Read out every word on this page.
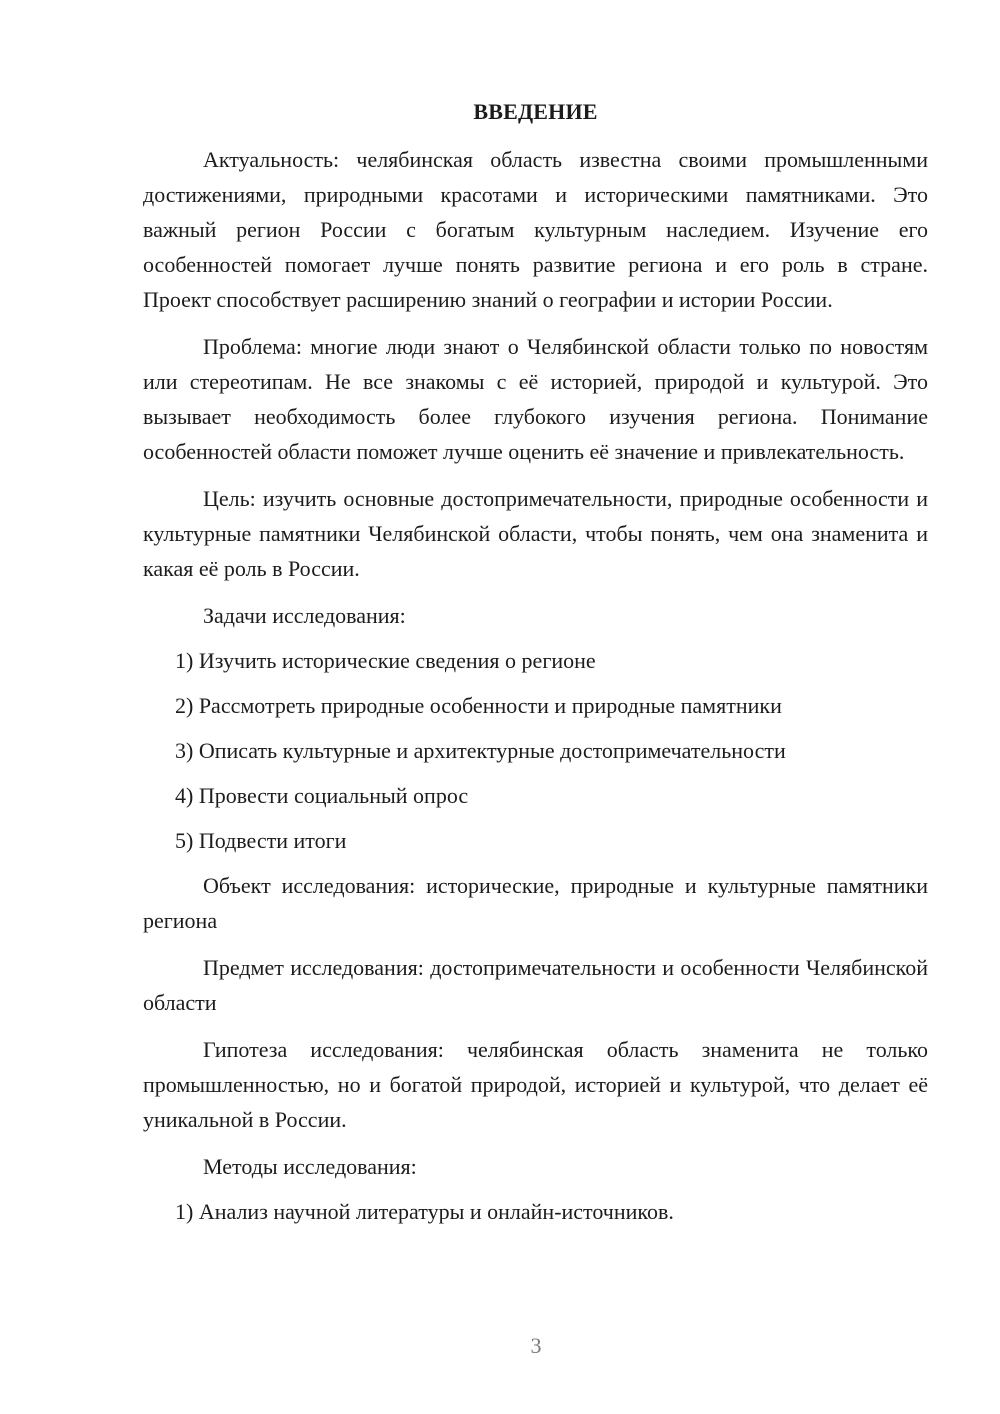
ВВЕДЕНИЕ

Актуальность: челябинская область известна своими промышленными достижениями, природными красотами и историческими памятниками. Это важный регион России с богатым культурным наследием. Изучение его особенностей помогает лучше понять развитие региона и его роль в стране. Проект способствует расширению знаний о географии и истории России.

Проблема: многие люди знают о Челябинской области только по новостям или стереотипам. Не все знакомы с её историей, природой и культурой. Это вызывает необходимость более глубокого изучения региона. Понимание особенностей области поможет лучше оценить её значение и привлекательность.

Цель: изучить основные достопримечательности, природные особенности и культурные памятники Челябинской области, чтобы понять, чем она знаменита и какая её роль в России.

Задачи исследования:

1) Изучить исторические сведения о регионе
2) Рассмотреть природные особенности и природные памятники
3) Описать культурные и архитектурные достопримечательности
4) Провести социальный опрос
5) Подвести итоги

Объект исследования: исторические, природные и культурные памятники региона

Предмет исследования: достопримечательности и особенности Челябинской области

Гипотеза исследования: челябинская область знаменита не только промышленностью, но и богатой природой, историей и культурой, что делает её уникальной в России.

Методы исследования:

1) Анализ научной литературы и онлайн-источников.
3
